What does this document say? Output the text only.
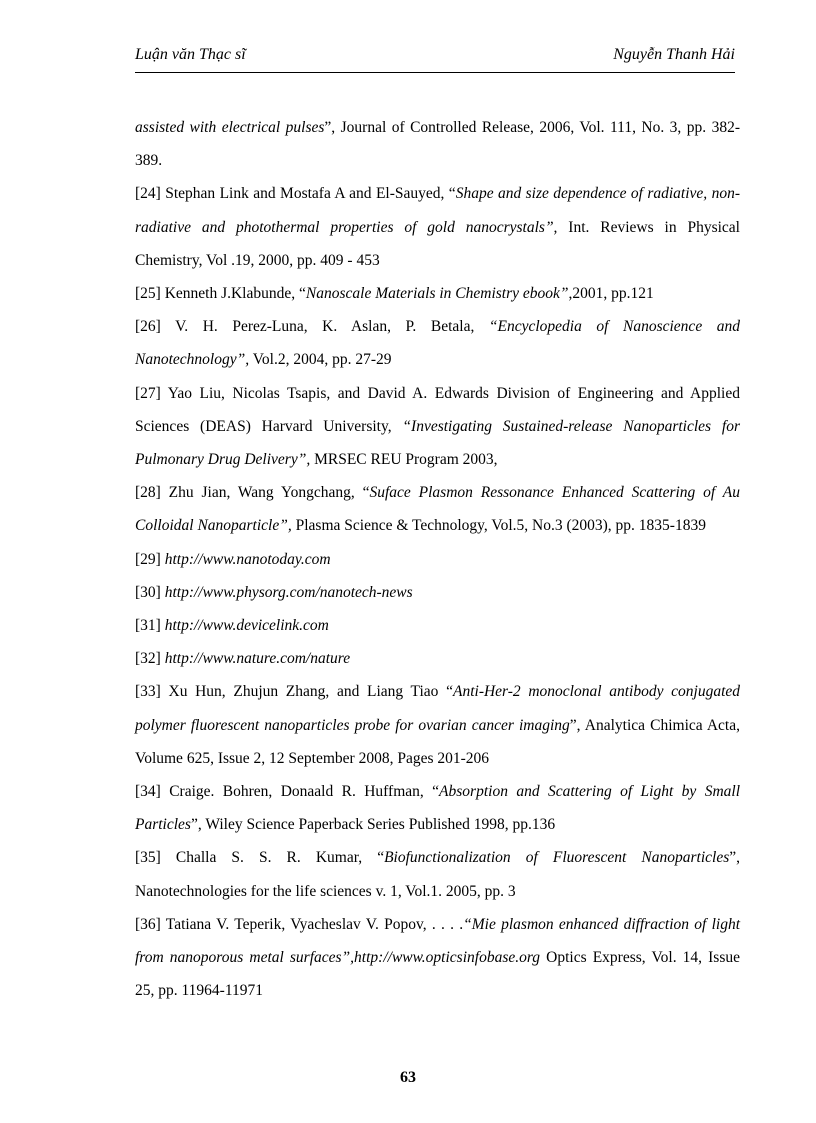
Luận văn Thạc sĩ	Nguyễn Thanh Hải

assisted with electrical pulses”, Journal of Controlled Release, 2006, Vol. 111, No. 3, pp. 382-389.

[24] Stephan Link and Mostafa A and El-Sauyed, “Shape and size dependence of radiative, non-radiative and photothermal properties of gold nanocrystals”, Int. Reviews in Physical Chemistry, Vol .19, 2000, pp. 409 - 453

[25] Kenneth J.Klabunde, “Nanoscale Materials in Chemistry ebook”,2001, pp.121

[26] V. H. Perez-Luna, K. Aslan, P. Betala, “Encyclopedia of Nanoscience and Nanotechnology”, Vol.2, 2004, pp. 27-29

[27] Yao Liu, Nicolas Tsapis, and David A. Edwards Division of Engineering and Applied Sciences (DEAS) Harvard University, “Investigating Sustained-release Nanoparticles for Pulmonary Drug Delivery”, MRSEC REU Program 2003,

[28] Zhu Jian, Wang Yongchang, “Suface Plasmon Ressonance Enhanced Scattering of Au Colloidal Nanoparticle”, Plasma Science & Technology, Vol.5, No.3 (2003), pp. 1835-1839

[29] http://www.nanotoday.com

[30] http://www.physorg.com/nanotech-news

[31] http://www.devicelink.com

[32] http://www.nature.com/nature

[33] Xu Hun, Zhujun Zhang, and Liang Tiao “Anti-Her-2 monoclonal antibody conjugated polymer fluorescent nanoparticles probe for ovarian cancer imaging”, Analytica Chimica Acta, Volume 625, Issue 2, 12 September 2008, Pages 201-206

[34] Craige. Bohren, Donaald R. Huffman, “Absorption and Scattering of Light by Small Particles”, Wiley Science Paperback Series Published 1998, pp.136

[35] Challa S. S. R. Kumar, “Biofunctionalization of Fluorescent Nanoparticles”, Nanotechnologies for the life sciences v. 1, Vol.1. 2005, pp. 3

[36] Tatiana V. Teperik, Vyacheslav V. Popov, . . . .“Mie plasmon enhanced diffraction of light from nanoporous metal surfaces”,http://www.opticsinfobase.org Optics Express, Vol. 14, Issue 25, pp. 11964-11971

63
